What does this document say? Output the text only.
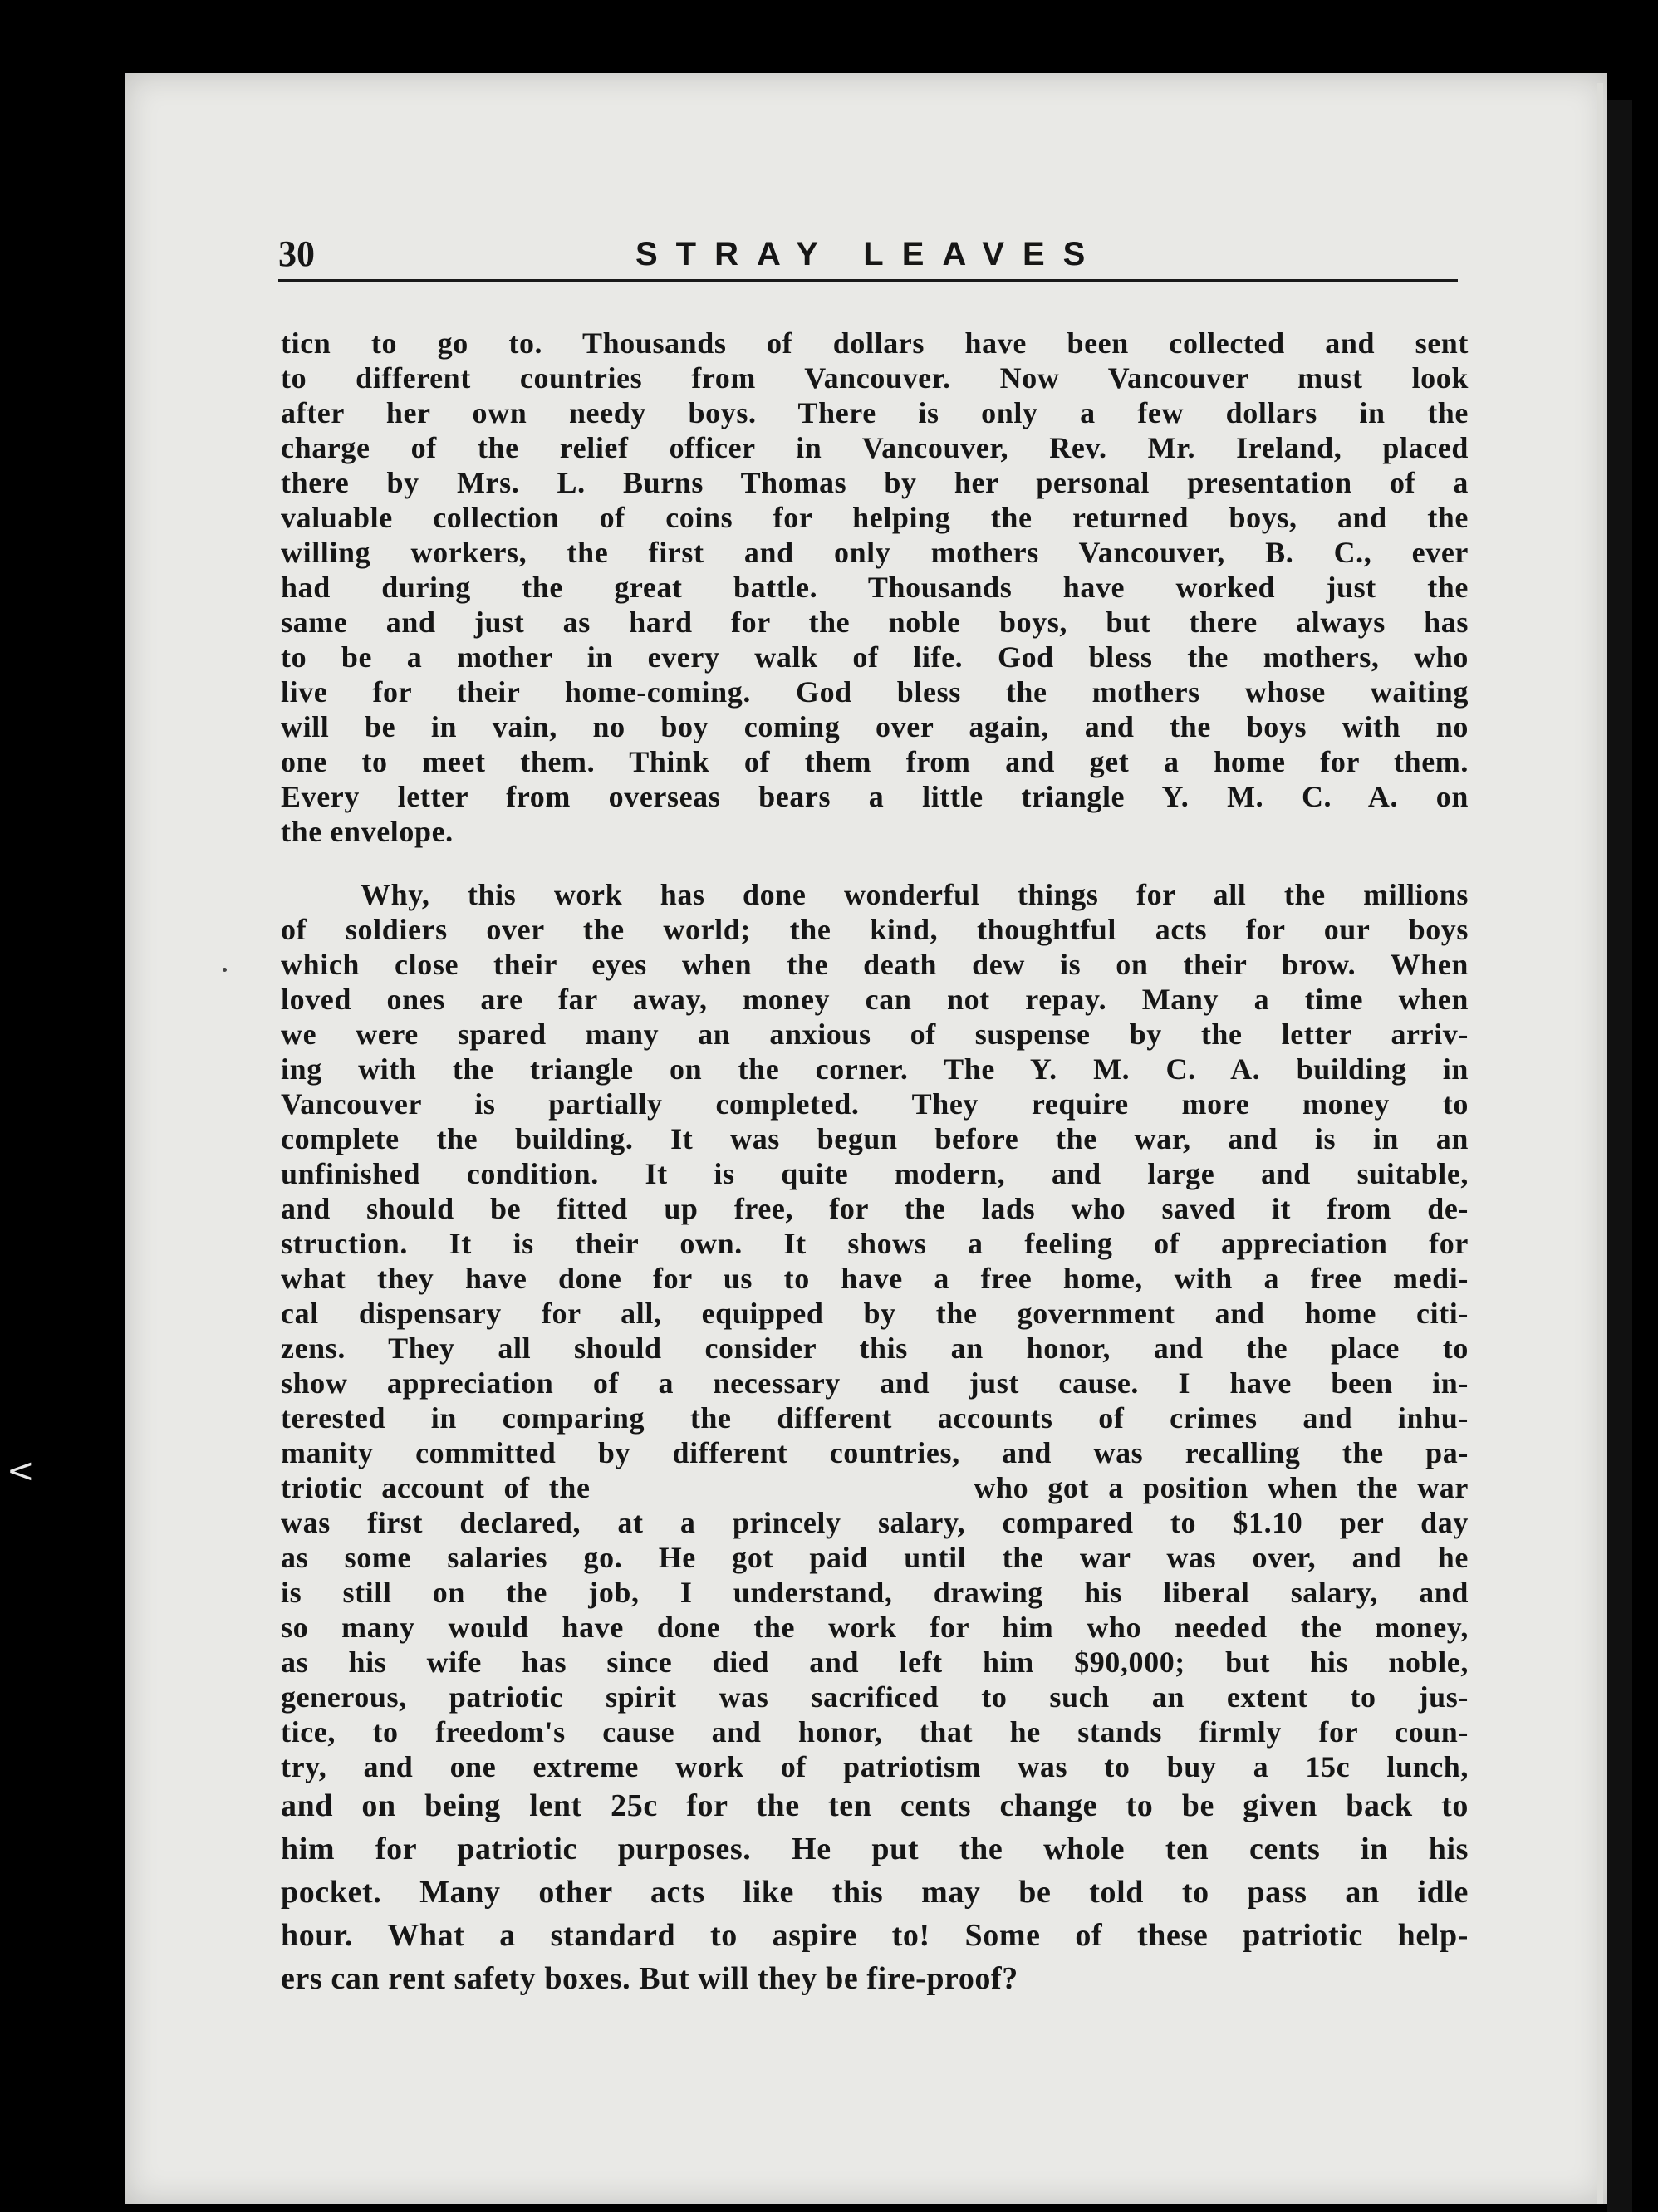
<
30	STRAY LEAVES
ticn to go to. Thousands of dollars have been collected and sent
to different countries from Vancouver. Now Vancouver must look
after her own needy boys. There is only a few dollars in the
charge of the relief officer in Vancouver, Rev. Mr. Ireland, placed
there by Mrs. L. Burns Thomas by her personal presentation of a
valuable collection of coins for helping the returned boys, and the
willing workers, the first and only mothers Vancouver, B. C., ever
had during the great battle. Thousands have worked just the
same and just as hard for the noble boys, but there always has
to be a mother in every walk of life. God bless the mothers, who
live for their home-coming. God bless the mothers whose waiting
will be in vain, no boy coming over again, and the boys with no
one to meet them. Think of them from and get a home for them.
Every letter from overseas bears a little triangle Y. M. C. A. on
the envelope.
Why, this work has done wonderful things for all the millions
of soldiers over the world; the kind, thoughtful acts for our boys
which close their eyes when the death dew is on their brow. When
loved ones are far away, money can not repay. Many a time when
we were spared many an anxious of suspense by the letter arriv-
ing with the triangle on the corner. The Y. M. C. A. building in
Vancouver is partially completed. They require more money to
complete the building. It was begun before the war, and is in an
unfinished condition. It is quite modern, and large and suitable,
and should be fitted up free, for the lads who saved it from de-
struction. It is their own. It shows a feeling of appreciation for
what they have done for us to have a free home, with a free medi-
cal dispensary for all, equipped by the government and home citi-
zens. They all should consider this an honor, and the place to
show appreciation of a necessary and just cause. I have been in-
terested in comparing the different accounts of crimes and inhu-
manity committed by different countries, and was recalling the pa-
triotic account of the                    who got a position when the war
was first declared, at a princely salary, compared to $1.10 per day
as some salaries go. He got paid until the war was over, and he
is still on the job, I understand, drawing his liberal salary, and
so many would have done the work for him who needed the money,
as his wife has since died and left him $90,000; but his noble,
generous, patriotic spirit was sacrificed to such an extent to jus-
tice, to freedom's cause and honor, that he stands firmly for coun-
try, and one extreme work of patriotism was to buy a 15c lunch,
and on being lent 25c for the ten cents change to be given back to
him for patriotic purposes. He put the whole ten cents in his
pocket. Many other acts like this may be told to pass an idle
hour. What a standard to aspire to! Some of these patriotic help-
ers can rent safety boxes. But will they be fire-proof?
